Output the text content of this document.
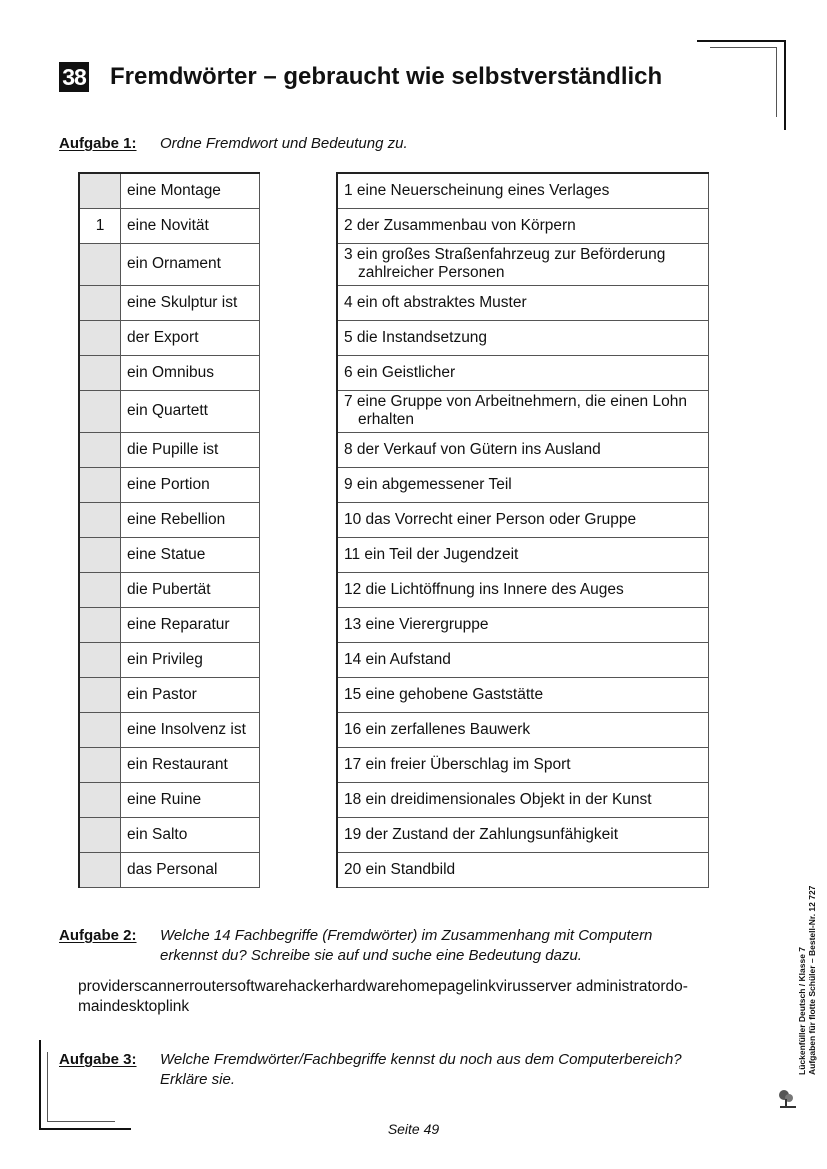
38 Fremdwörter – gebraucht wie selbstverständlich
Aufgabe 1: Ordne Fremdwort und Bedeutung zu.
	eine Montage
1	eine Novität
	ein Ornament
	eine Skulptur ist
	der Export
	ein Omnibus
	ein Quartett
	die Pupille ist
	eine Portion
	eine Rebellion
	eine Statue
	die Pubertät
	eine Reparatur
	ein Privileg
	ein Pastor
	eine Insolvenz ist
	ein Restaurant
	eine Ruine
	ein Salto
	das Personal
1 eine Neuerscheinung eines Verlages
2 der Zusammenbau von Körpern
3 ein großes Straßenfahrzeug zur Beförderung
zahlreicher Personen

4 ein oft abstraktes Muster
5 die Instandsetzung
6 ein Geistlicher
7 eine Gruppe von Arbeitnehmern, die einen Lohn
erhalten

8 der Verkauf von Gütern ins Ausland
9 ein abgemessener Teil
10 das Vorrecht einer Person oder Gruppe
11 ein Teil der Jugendzeit
12 die Lichtöffnung ins Innere des Auges
13 eine Vierergruppe
14 ein Aufstand
15 eine gehobene Gaststätte
16 ein zerfallenes Bauwerk
17 ein freier Überschlag im Sport
18 ein dreidimensionales Objekt in der Kunst
19 der Zustand der Zahlungsunfähigkeit
20 ein Standbild
Aufgabe 2: Welche 14 Fachbegriffe (Fremdwörter) im Zusammenhang mit Computern
erkennst du? Schreibe sie auf und suche eine Bedeutung dazu.
providerscannerroutersoftwarehackerhardwarehomepagelinkvirusserver administratordo-
maindesktoplink
Aufgabe 3: Welche Fremdwörter/Fachbegriffe kennst du noch aus dem Computerbereich?
Erkläre sie.
Seite 49
Lückenfüller Deutsch / Klasse 7 Aufgaben für flotte Schüler – Bestell-Nr. 12 727
